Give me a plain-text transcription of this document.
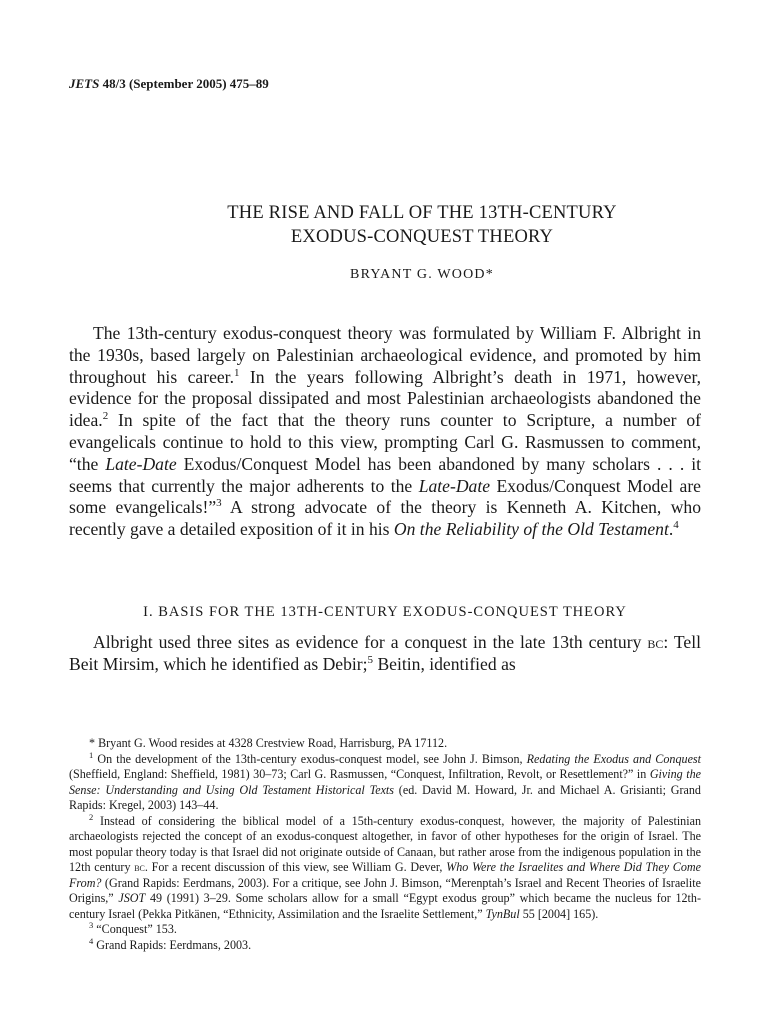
JETS 48/3 (September 2005) 475–89
THE RISE AND FALL OF THE 13TH-CENTURY
EXODUS-CONQUEST THEORY
BRYANT G. WOOD*

The 13th-century exodus-conquest theory was formulated by William F. Albright in the 1930s, based largely on Palestinian archaeological evidence, and promoted by him throughout his career.$^1$ In the years following Albright’s death in 1971, however, evidence for the proposal dissipated and most Palestinian archaeologists abandoned the idea.$^2$ In spite of the fact that the theory runs counter to Scripture, a number of evangelicals continue to hold to this view, prompting Carl G. Rasmussen to comment, “the Late-Date Exodus/Conquest Model has been abandoned by many scholars . . . it seems that currently the major adherents to the Late-Date Exodus/Conquest Model are some evangelicals!”$^3$ A strong advocate of the theory is Kenneth A. Kitchen, who recently gave a detailed exposition of it in his On the Reliability of the Old Testament.$^4$

I. BASIS FOR THE 13TH-CENTURY EXODUS-CONQUEST THEORY

Albright used three sites as evidence for a conquest in the late 13th century bc: Tell Beit Mirsim, which he identified as Debir;$^5$ Beitin, identified as

* Bryant G. Wood resides at 4328 Crestview Road, Harrisburg, PA 17112.

$^1$ On the development of the 13th-century exodus-conquest model, see John J. Bimson, Redating the Exodus and Conquest (Sheffield, England: Sheffield, 1981) 30–73; Carl G. Rasmussen, “Conquest, Infiltration, Revolt, or Resettlement?” in Giving the Sense: Understanding and Using Old Testament Historical Texts (ed. David M. Howard, Jr. and Michael A. Grisianti; Grand Rapids: Kregel, 2003) 143–44.

$^2$ Instead of considering the biblical model of a 15th-century exodus-conquest, however, the majority of Palestinian archaeologists rejected the concept of an exodus-conquest altogether, in favor of other hypotheses for the origin of Israel. The most popular theory today is that Israel did not originate outside of Canaan, but rather arose from the indigenous population in the 12th century bc. For a recent discussion of this view, see William G. Dever, Who Were the Israelites and Where Did They Come From? (Grand Rapids: Eerdmans, 2003). For a critique, see John J. Bimson, “Merenptah’s Israel and Recent Theories of Israelite Origins,” JSOT 49 (1991) 3–29. Some scholars allow for a small “Egypt exodus group” which became the nucleus for 12th-century Israel (Pekka Pitkänen, “Ethnicity, Assimilation and the Israelite Settlement,” TynBul 55 [2004] 165).

$^3$ “Conquest” 153.

$^4$ Grand Rapids: Eerdmans, 2003.
